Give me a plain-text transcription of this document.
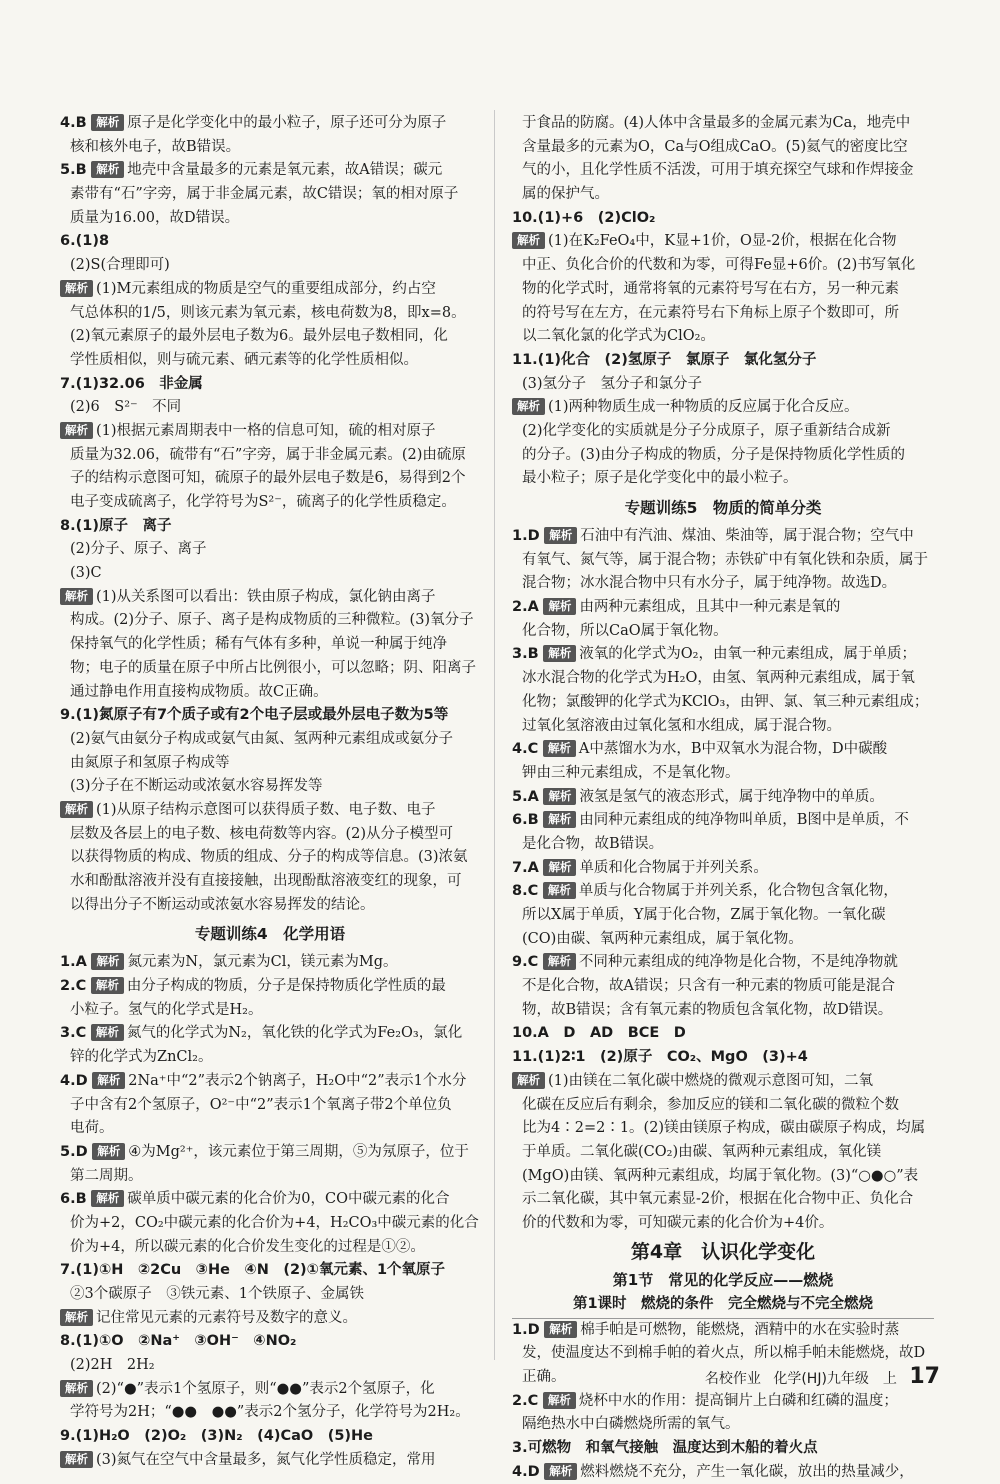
4.B 解析 原子是化学变化中的最小粒子，原子还可分为原子
核和核外电子，故B错误。
5.B 解析 地壳中含量最多的元素是氧元素，故A错误；碳元
素带有“石”字旁，属于非金属元素，故C错误；氧的相对原子
质量为16.00，故D错误。
6.(1)8
(2)S(合理即可)
解析 (1)M元素组成的物质是空气的重要组成部分，约占空
气总体积的1/5，则该元素为氧元素，核电荷数为8，即x=8。
(2)氧元素原子的最外层电子数为6。最外层电子数相同，化
学性质相似，则与硫元素、硒元素等的化学性质相似。
7.(1)32.06　非金属
(2)6　S²⁻　不同
解析 (1)根据元素周期表中一格的信息可知，硫的相对原子
质量为32.06，硫带有“石”字旁，属于非金属元素。(2)由硫原
子的结构示意图可知，硫原子的最外层电子数是6，易得到2个
电子变成硫离子，化学符号为S²⁻，硫离子的化学性质稳定。
8.(1)原子　离子
(2)分子、原子、离子
(3)C
解析 (1)从关系图可以看出：铁由原子构成，氯化钠由离子
构成。(2)分子、原子、离子是构成物质的三种微粒。(3)氧分子
保持氧气的化学性质；稀有气体有多种，单说一种属于纯净
物；电子的质量在原子中所占比例很小，可以忽略；阴、阳离子
通过静电作用直接构成物质。故C正确。
9.(1)氮原子有7个质子或有2个电子层或最外层电子数为5等
(2)氨气由氨分子构成或氨气由氮、氢两种元素组成或氨分子
由氮原子和氢原子构成等
(3)分子在不断运动或浓氨水容易挥发等
解析 (1)从原子结构示意图可以获得质子数、电子数、电子
层数及各层上的电子数、核电荷数等内容。(2)从分子模型可
以获得物质的构成、物质的组成、分子的构成等信息。(3)浓氨
水和酚酞溶液并没有直接接触，出现酚酞溶液变红的现象，可
以得出分子不断运动或浓氨水容易挥发的结论。
专题训练4　化学用语
1.A 解析 氮元素为N，氯元素为Cl，镁元素为Mg。
2.C 解析 由分子构成的物质，分子是保持物质化学性质的最
小粒子。氢气的化学式是H₂。
3.C 解析 氮气的化学式为N₂，氧化铁的化学式为Fe₂O₃，氯化
锌的化学式为ZnCl₂。
4.D 解析 2Na⁺中“2”表示2个钠离子，H₂O中“2”表示1个水分
子中含有2个氢原子，O²⁻中“2”表示1个氧离子带2个单位负
电荷。
5.D 解析 ④为Mg²⁺，该元素位于第三周期，⑤为氖原子，位于
第二周期。
6.B 解析 碳单质中碳元素的化合价为0，CO中碳元素的化合
价为+2，CO₂中碳元素的化合价为+4，H₂CO₃中碳元素的化合
价为+4，所以碳元素的化合价发生变化的过程是①②。
7.(1)①H　②2Cu　③He　④N　(2)①氧元素、1个氧原子
②3个碳原子　③铁元素、1个铁原子、金属铁
解析 记住常见元素的元素符号及数字的意义。
8.(1)①O　②Na⁺　③OH⁻　④NO₂
(2)2H　2H₂
解析 (2)“●”表示1个氢原子，则“●●”表示2个氢原子，化
学符号为2H；“●●　●●”表示2个氢分子，化学符号为2H₂。
9.(1)H₂O　(2)O₂　(3)N₂　(4)CaO　(5)He
解析 (3)氮气在空气中含量最多，氮气化学性质稳定，常用
于食品的防腐。(4)人体中含量最多的金属元素为Ca，地壳中
含量最多的元素为O，Ca与O组成CaO。(5)氦气的密度比空
气的小，且化学性质不活泼，可用于填充探空气球和作焊接金
属的保护气。
10.(1)+6　(2)ClO₂
解析 (1)在K₂FeO₄中，K显+1价，O显-2价，根据在化合物
中正、负化合价的代数和为零，可得Fe显+6价。(2)书写氧化
物的化学式时，通常将氧的元素符号写在右方，另一种元素
的符号写在左方，在元素符号右下角标上原子个数即可，所
以二氧化氯的化学式为ClO₂。
11.(1)化合　(2)氢原子　氯原子　氯化氢分子
(3)氢分子　氢分子和氯分子
解析 (1)两种物质生成一种物质的反应属于化合反应。
(2)化学变化的实质就是分子分成原子，原子重新结合成新
的分子。(3)由分子构成的物质，分子是保持物质化学性质的
最小粒子；原子是化学变化中的最小粒子。
专题训练5　物质的简单分类
1.D 解析 石油中有汽油、煤油、柴油等，属于混合物；空气中
有氧气、氮气等，属于混合物；赤铁矿中有氧化铁和杂质，属于
混合物；冰水混合物中只有水分子，属于纯净物。故选D。
2.A 解析 由两种元素组成，且其中一种元素是氧的
化合物，所以CaO属于氧化物。
3.B 解析 液氧的化学式为O₂，由氧一种元素组成，属于单质；
冰水混合物的化学式为H₂O，由氢、氧两种元素组成，属于氧
化物；氯酸钾的化学式为KClO₃，由钾、氯、氧三种元素组成；
过氧化氢溶液由过氧化氢和水组成，属于混合物。
4.C 解析 A中蒸馏水为水，B中双氧水为混合物，D中碳酸
钾由三种元素组成，不是氧化物。
5.A 解析 液氢是氢气的液态形式，属于纯净物中的单质。
6.B 解析 由同种元素组成的纯净物叫单质，B图中是单质，不
是化合物，故B错误。
7.A 解析 单质和化合物属于并列关系。
8.C 解析 单质与化合物属于并列关系，化合物包含氧化物，
所以X属于单质，Y属于化合物，Z属于氧化物。一氧化碳
(CO)由碳、氧两种元素组成，属于氧化物。
9.C 解析 不同种元素组成的纯净物是化合物，不是纯净物就
不是化合物，故A错误；只含有一种元素的物质可能是混合
物，故B错误；含有氧元素的物质包含氧化物，故D错误。
10.A　D　AD　BCE　D
11.(1)2∶1　(2)原子　CO₂、MgO　(3)+4
解析 (1)由镁在二氧化碳中燃烧的微观示意图可知，二氧
化碳在反应后有剩余，参加反应的镁和二氧化碳的微粒个数
比为4∶2=2∶1。(2)镁由镁原子构成，碳由碳原子构成，均属
于单质。二氧化碳(CO₂)由碳、氧两种元素组成，氧化镁
(MgO)由镁、氧两种元素组成，均属于氧化物。(3)“○●○”表
示二氧化碳，其中氧元素显-2价，根据在化合物中正、负化合
价的代数和为零，可知碳元素的化合价为+4价。
第4章　认识化学变化
第1节　常见的化学反应——燃烧
第1课时　燃烧的条件　完全燃烧与不完全燃烧
1.D 解析 棉手帕是可燃物，能燃烧，酒精中的水在实验时蒸
发，使温度达不到棉手帕的着火点，所以棉手帕未能燃烧，故D
正确。
2.C 解析 烧杯中水的作用：提高铜片上白磷和红磷的温度；
隔绝热水中白磷燃烧所需的氧气。
3.可燃物　和氧气接触　温度达到木船的着火点
4.D 解析 燃料燃烧不充分，产生一氧化碳，放出的热量减少，
名校作业 化学(HJ)九年级　上 17
